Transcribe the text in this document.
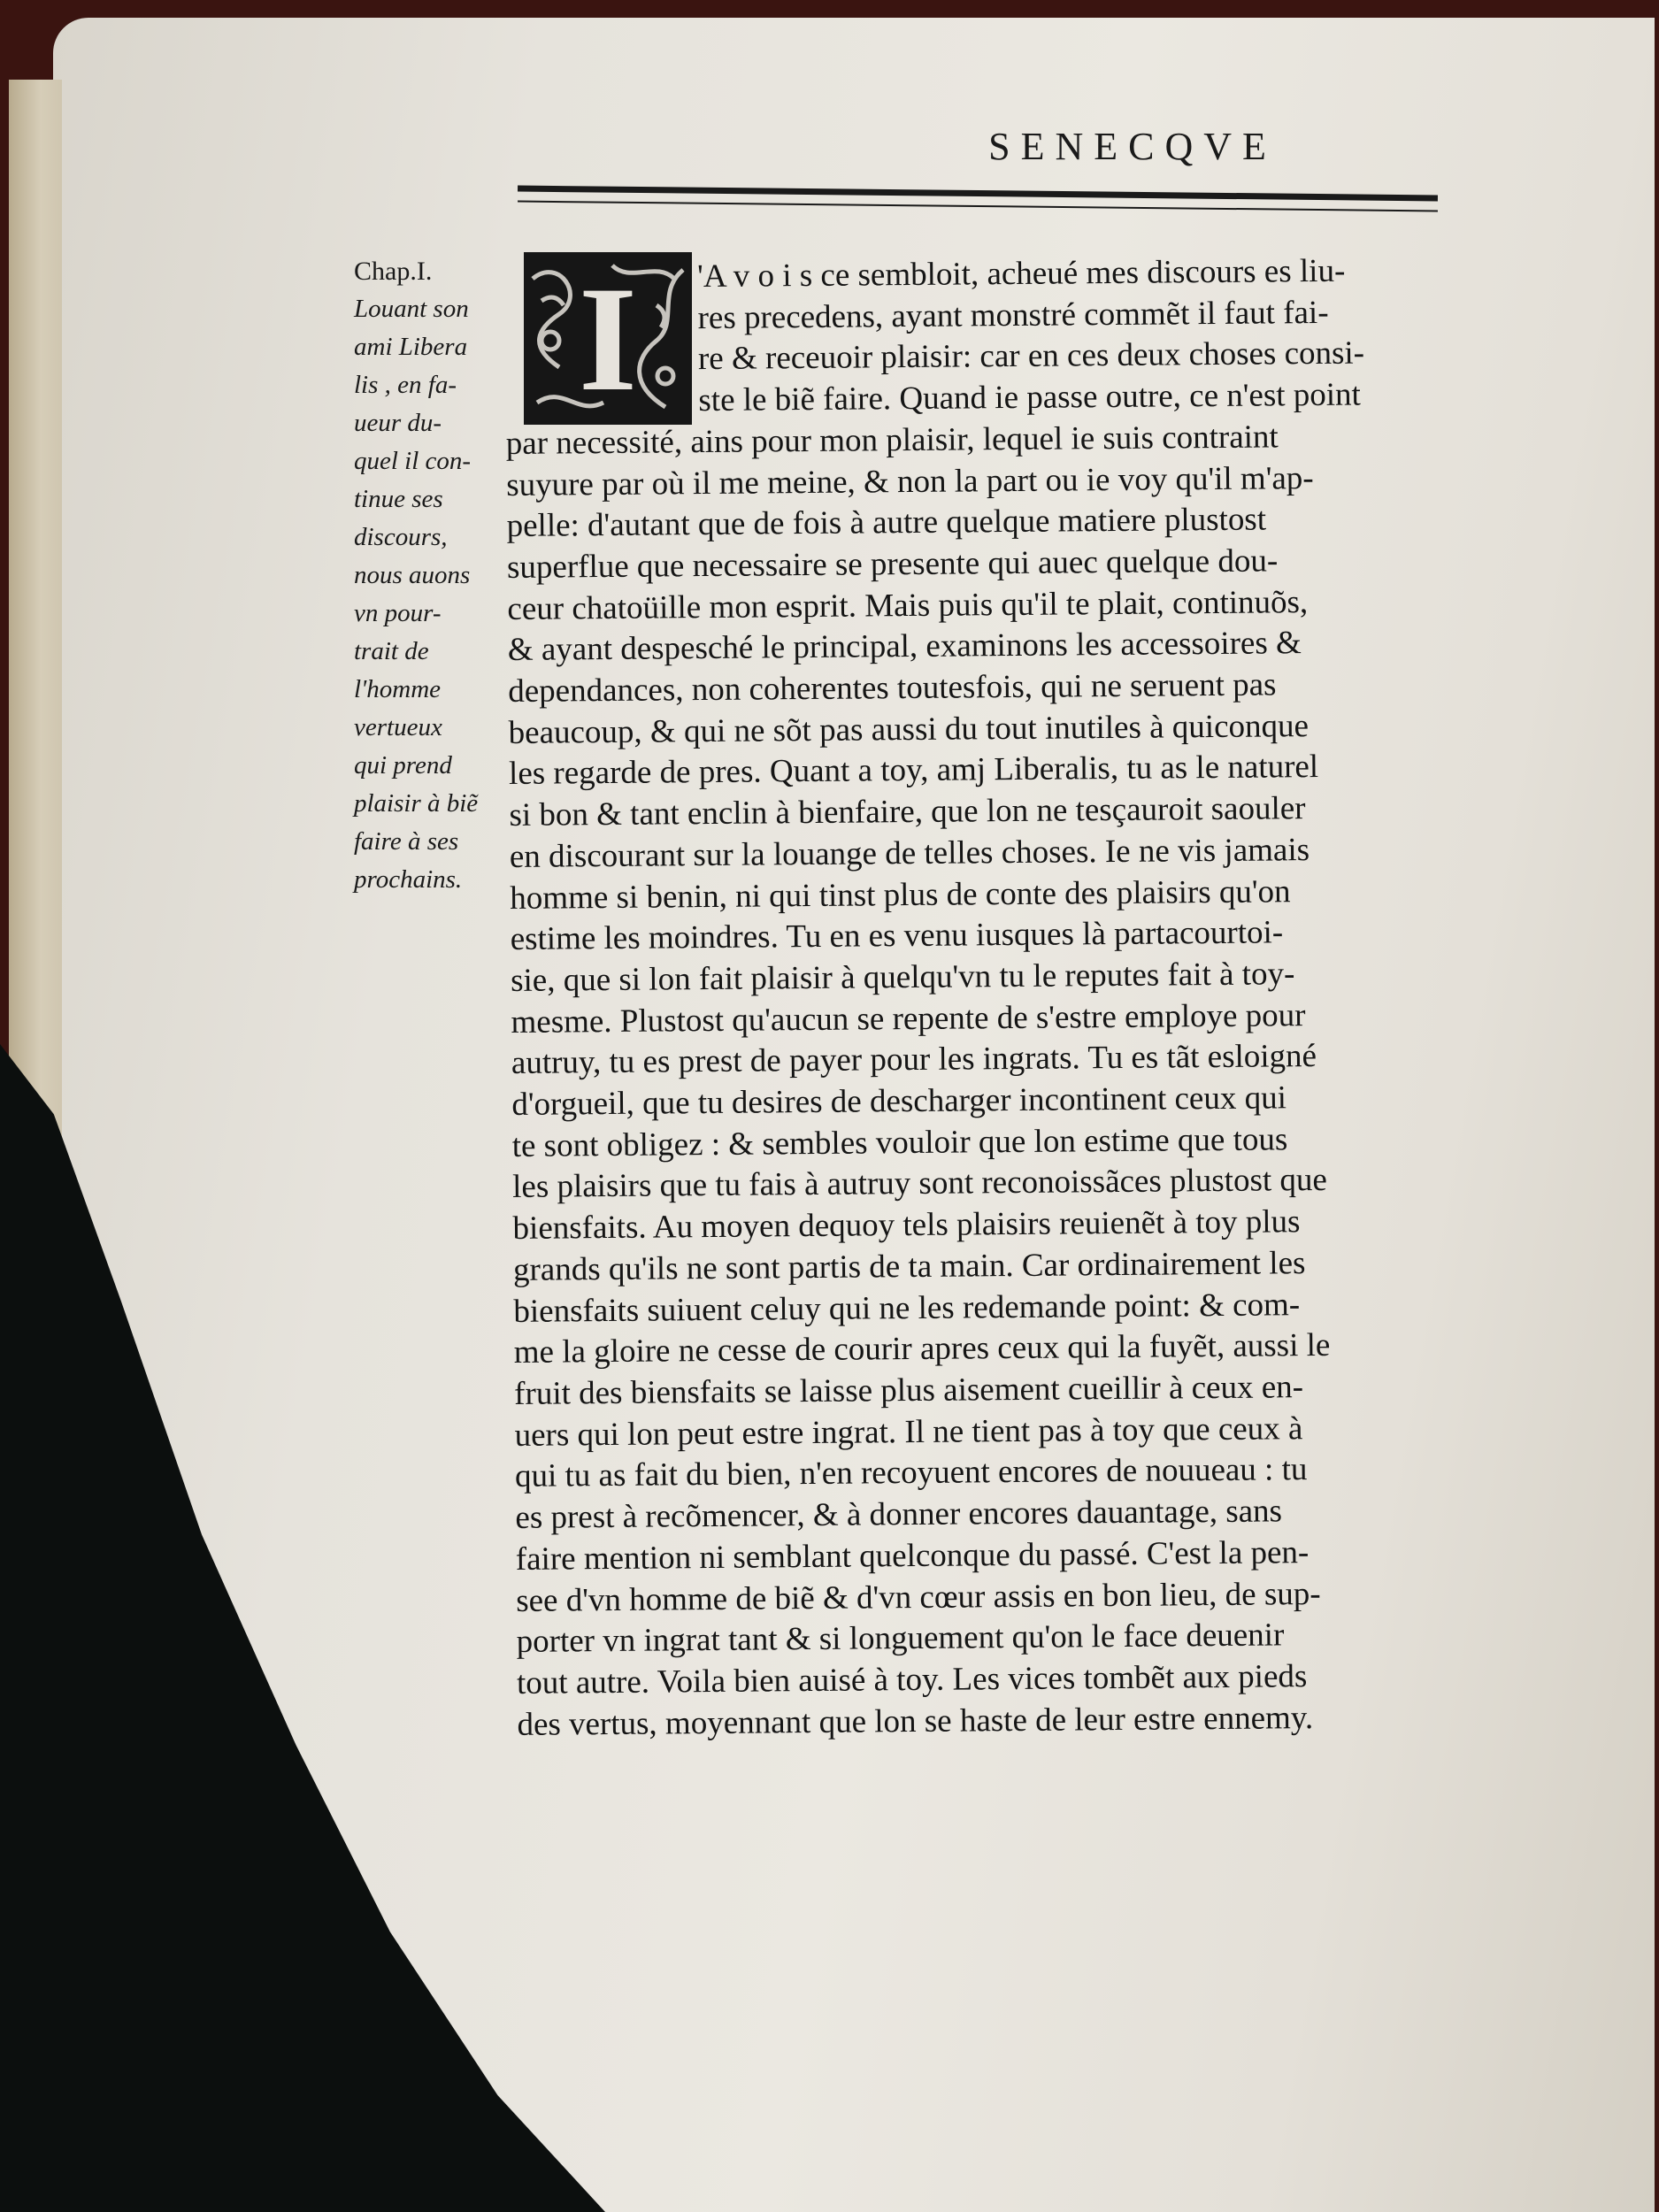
SENECQVE
Chap.I.
Louant son
ami Libera
lis , en fa-
ueur du-
quel il con-
tinue ses
discours,
nous auons
vn pour-
trait de
l'homme
vertueux
qui prend
plaisir à biẽ
faire à ses
prochains.
I	'A v o i s ce sembloit, acheué mes discours es liu-
res precedens, ayant monstré commẽt il faut fai-
re & receuoir plaisir: car en ces deux choses consi-
ste le biẽ faire. Quand ie passe outre, ce n'est point
par necessité, ains pour mon plaisir, lequel ie suis contraint
suyure par où il me meine, & non la part ou ie voy qu'il m'ap-
pelle: d'autant que de fois à autre quelque matiere plustost
superflue que necessaire se presente qui auec quelque dou-
ceur chatoüille mon esprit. Mais puis qu'il te plait, continuõs,
& ayant despesché le principal, examinons les accessoires &
dependances, non coherentes toutesfois, qui ne seruent pas
beaucoup, & qui ne sõt pas aussi du tout inutiles à quiconque
les regarde de pres. Quant a toy, amj Liberalis, tu as le naturel
si bon & tant enclin à bienfaire, que lon ne tesçauroit saouler
en discourant sur la louange de telles choses. Ie ne vis jamais
homme si benin, ni qui tinst plus de conte des plaisirs qu'on
estime les moindres. Tu en es venu iusques là partacourtoi-
sie, que si lon fait plaisir à quelqu'vn tu le reputes fait à toy-
mesme. Plustost qu'aucun se repente de s'estre employe pour
autruy, tu es prest de payer pour les ingrats. Tu es tãt esloigné
d'orgueil, que tu desires de descharger incontinent ceux qui
te sont obligez : & sembles vouloir que lon estime que tous
les plaisirs que tu fais à autruy sont reconoissãces plustost que
biensfaits. Au moyen dequoy tels plaisirs reuienẽt à toy plus
grands qu'ils ne sont partis de ta main. Car ordinairement les
biensfaits suiuent celuy qui ne les redemande point: & com-
me la gloire ne cesse de courir apres ceux qui la fuyẽt, aussi le
fruit des biensfaits se laisse plus aisement cueillir à ceux en-
uers qui lon peut estre ingrat. Il ne tient pas à toy que ceux à
qui tu as fait du bien, n'en recoyuent encores de nouueau : tu
es prest à recõmencer, & à donner encores dauantage, sans
faire mention ni semblant quelconque du passé. C'est la pen-
see d'vn homme de biẽ & d'vn cœur assis en bon lieu, de sup-
porter vn ingrat tant & si longuement qu'on le face deuenir
tout autre. Voila bien auisé à toy. Les vices tombẽt aux pieds
des vertus, moyennant que lon se haste de leur estre ennemy.
